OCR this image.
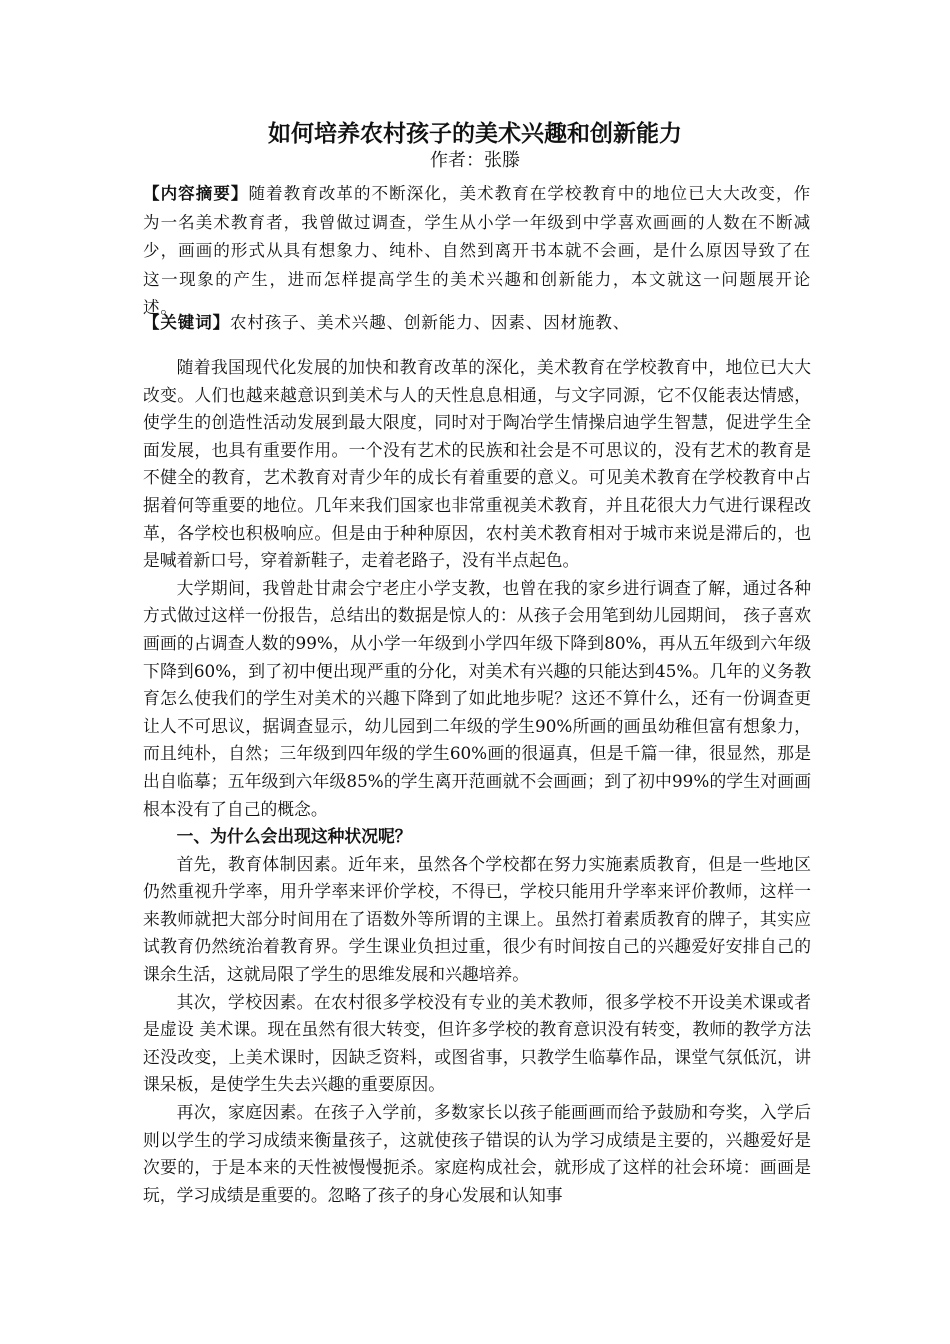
如何培养农村孩子的美术兴趣和创新能力
作者：张滕
【内容摘要】随着教育改革的不断深化，美术教育在学校教育中的地位已大大改变，作为一名美术教育者，我曾做过调查，学生从小学一年级到中学喜欢画画的人数在不断减少，画画的形式从具有想象力、纯朴、自然到离开书本就不会画，是什么原因导致了在这一现象的产生，进而怎样提高学生的美术兴趣和创新能力，本文就这一问题展开论述。
【关键词】农村孩子、美术兴趣、创新能力、因素、因材施教、

随着我国现代化发展的加快和教育改革的深化，美术教育在学校教育中，地位已大大改变。人们也越来越意识到美术与人的天性息息相通，与文字同源，它不仅能表达情感，使学生的创造性活动发展到最大限度，同时对于陶冶学生情操启迪学生智慧，促进学生全面发展，也具有重要作用。一个没有艺术的民族和社会是不可思议的，没有艺术的教育是不健全的教育，艺术教育对青少年的成长有着重要的意义。可见美术教育在学校教育中占据着何等重要的地位。几年来我们国家也非常重视美术教育，并且花很大力气进行课程改革，各学校也积极响应。但是由于种种原因，农村美术教育相对于城市来说是滞后的，也是喊着新口号，穿着新鞋子，走着老路子，没有半点起色。

大学期间，我曾赴甘肃会宁老庄小学支教，也曾在我的家乡进行调查了解，通过各种方式做过这样一份报告，总结出的数据是惊人的：从孩子会用笔到幼儿园期间， 孩子喜欢画画的占调查人数的99%，从小学一年级到小学四年级下降到80%，再从五年级到六年级下降到60%，到了初中便出现严重的分化，对美术有兴趣的只能达到45%。几年的义务教育怎么使我们的学生对美术的兴趣下降到了如此地步呢？这还不算什么，还有一份调查更让人不可思议，据调查显示，幼儿园到二年级的学生90%所画的画虽幼稚但富有想象力，而且纯朴，自然；三年级到四年级的学生60%画的很逼真，但是千篇一律，很显然，那是出自临摹；五年级到六年级85%的学生离开范画就不会画画；到了初中99%的学生对画画根本没有了自己的概念。

一、为什么会出现这种状况呢？

首先，教育体制因素。近年来，虽然各个学校都在努力实施素质教育，但是一些地区仍然重视升学率，用升学率来评价学校，不得已，学校只能用升学率来评价教师，这样一来教师就把大部分时间用在了语数外等所谓的主课上。虽然打着素质教育的牌子，其实应试教育仍然统治着教育界。学生课业负担过重，很少有时间按自己的兴趣爱好安排自己的课余生活，这就局限了学生的思维发展和兴趣培养。

其次，学校因素。在农村很多学校没有专业的美术教师，很多学校不开设美术课或者是虚设 美术课。现在虽然有很大转变，但许多学校的教育意识没有转变，教师的教学方法还没改变，上美术课时，因缺乏资料，或图省事，只教学生临摹作品，课堂气氛低沉，讲课呆板，是使学生失去兴趣的重要原因。

再次，家庭因素。在孩子入学前，多数家长以孩子能画画而给予鼓励和夸奖，入学后则以学生的学习成绩来衡量孩子，这就使孩子错误的认为学习成绩是主要的，兴趣爱好是次要的，于是本来的天性被慢慢扼杀。家庭构成社会，就形成了这样的社会环境：画画是玩，学习成绩是重要的。忽略了孩子的身心发展和认知事
